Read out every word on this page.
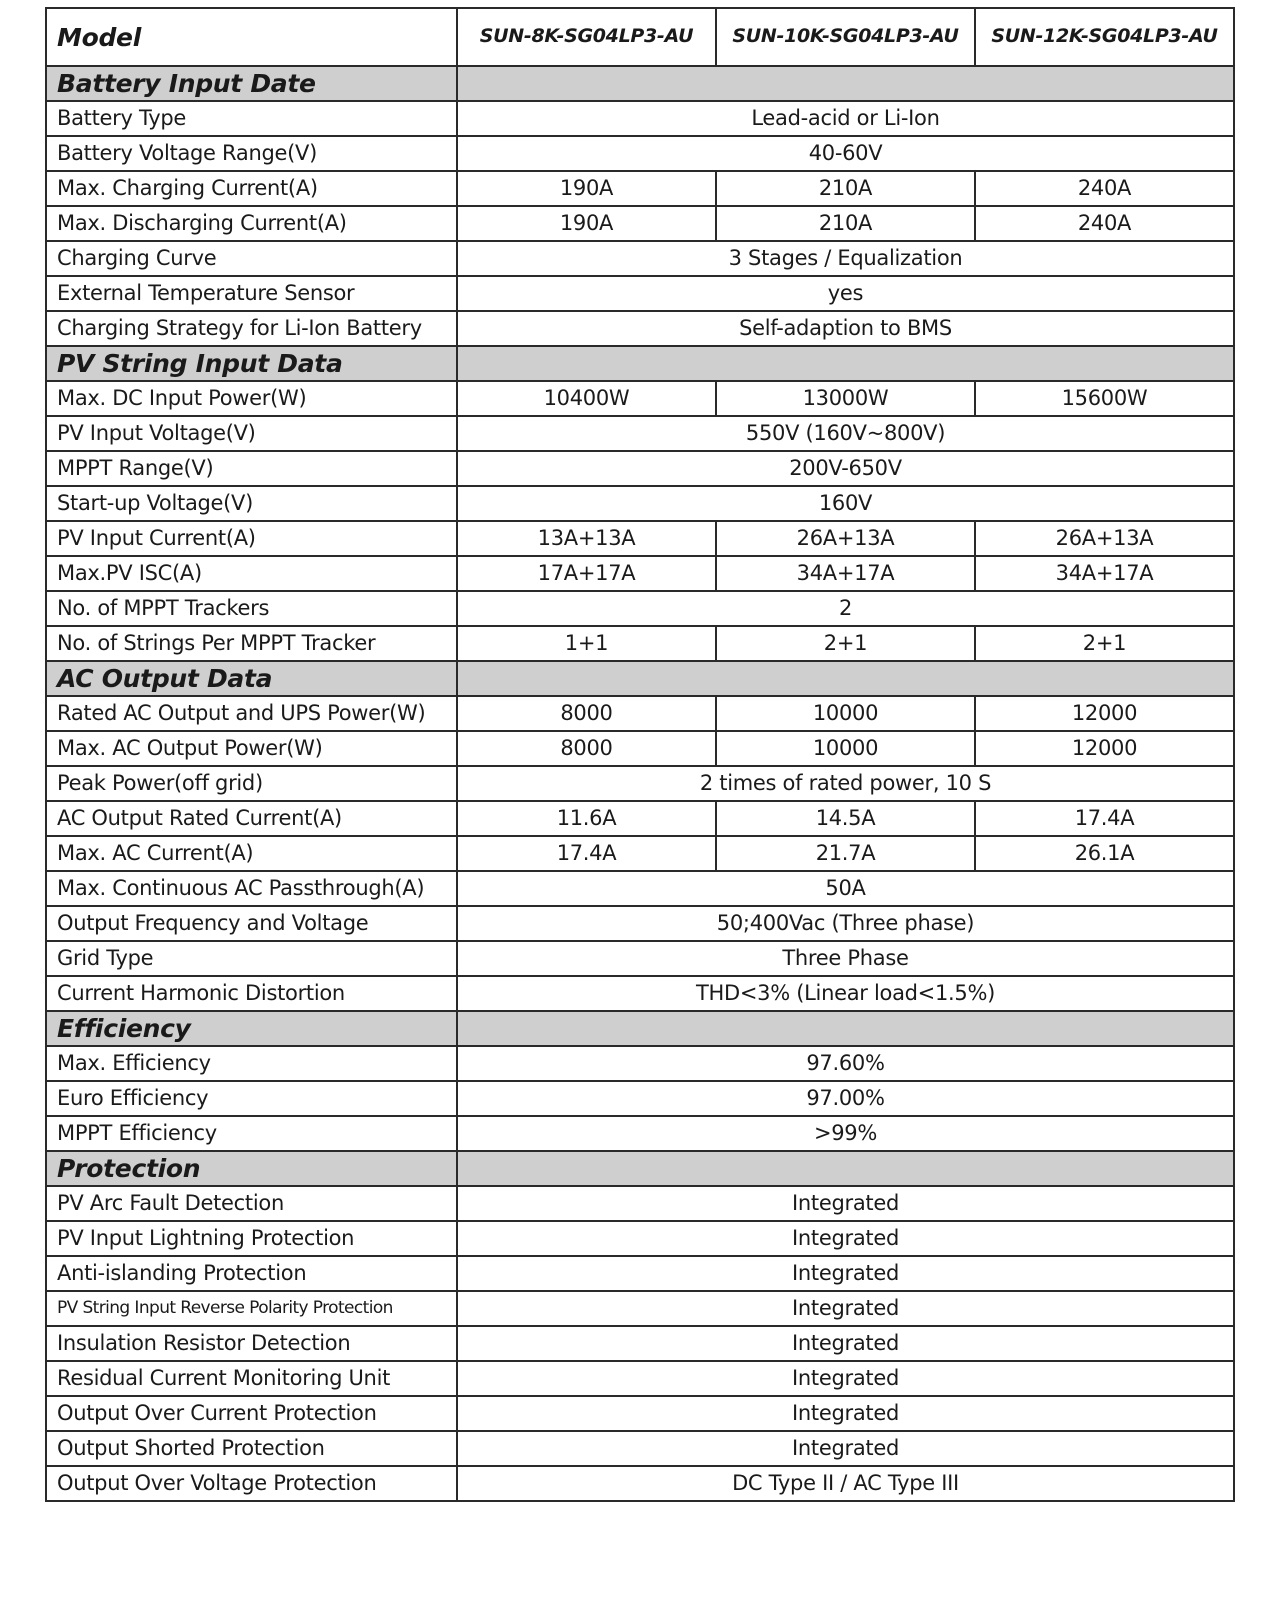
Model	SUN-8K-SG04LP3-AU	SUN-10K-SG04LP3-AU	SUN-12K-SG04LP3-AU
Battery Input Date			
Battery Type	Lead-acid or Li-Ion		
Battery Voltage Range(V)	40-60V		
Max. Charging Current(A)	190A	210A	240A
Max. Discharging Current(A)	190A	210A	240A
Charging Curve	3 Stages / Equalization		
External Temperature Sensor	yes		
Charging Strategy for Li-Ion Battery	Self-adaption to BMS		
PV String Input Data			
Max. DC Input Power(W)	10400W	13000W	15600W
PV Input Voltage(V)	550V (160V~800V)		
MPPT Range(V)	200V-650V		
Start-up Voltage(V)	160V		
PV Input Current(A)	13A+13A	26A+13A	26A+13A
Max.PV ISC(A)	17A+17A	34A+17A	34A+17A
No. of MPPT Trackers	2		
No. of Strings Per MPPT Tracker	1+1	2+1	2+1
AC Output Data			
Rated AC Output and UPS Power(W)	8000	10000	12000
Max. AC Output Power(W)	8000	10000	12000
Peak Power(off grid)	2 times of rated power, 10 S		
AC Output Rated Current(A)	11.6A	14.5A	17.4A
Max. AC Current(A)	17.4A	21.7A	26.1A
Max. Continuous AC Passthrough(A)	50A		
Output Frequency and Voltage	50;400Vac (Three phase)		
Grid Type	Three Phase		
Current Harmonic Distortion	THD<3% (Linear load<1.5%)		
Efficiency			
Max. Efficiency	97.60%		
Euro Efficiency	97.00%		
MPPT Efficiency	>99%		
Protection			
PV Arc Fault Detection	Integrated		
PV Input Lightning Protection	Integrated		
Anti-islanding Protection	Integrated		
PV String Input Reverse Polarity Protection	Integrated		
Insulation Resistor Detection	Integrated		
Residual Current Monitoring Unit	Integrated		
Output Over Current Protection	Integrated		
Output Shorted Protection	Integrated		
Output Over Voltage Protection	DC Type II / AC Type III		
